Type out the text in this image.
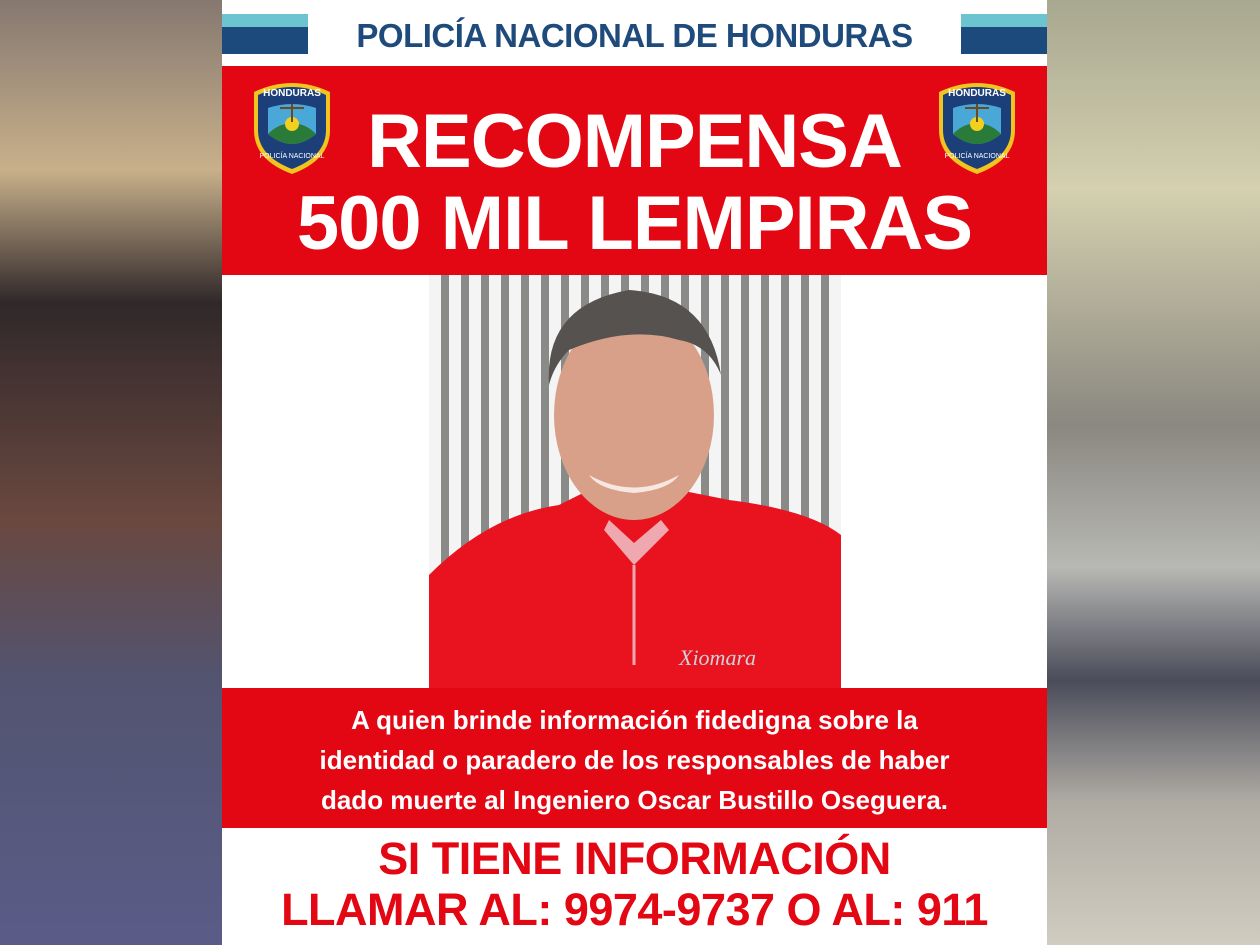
POLICÍA NACIONAL DE HONDURAS
HONDURAS
POLICÍA NACIONAL
HONDURAS
POLICÍA NACIONAL
RECOMPENSA
500 MIL LEMPIRAS
Xiomara
A quien brinde información fidedigna sobre la
identidad o paradero de los responsables de haber
dado muerte al Ingeniero Oscar Bustillo Oseguera.
SI TIENE INFORMACIÓN
LLAMAR AL: 9974-9737 O AL: 911
